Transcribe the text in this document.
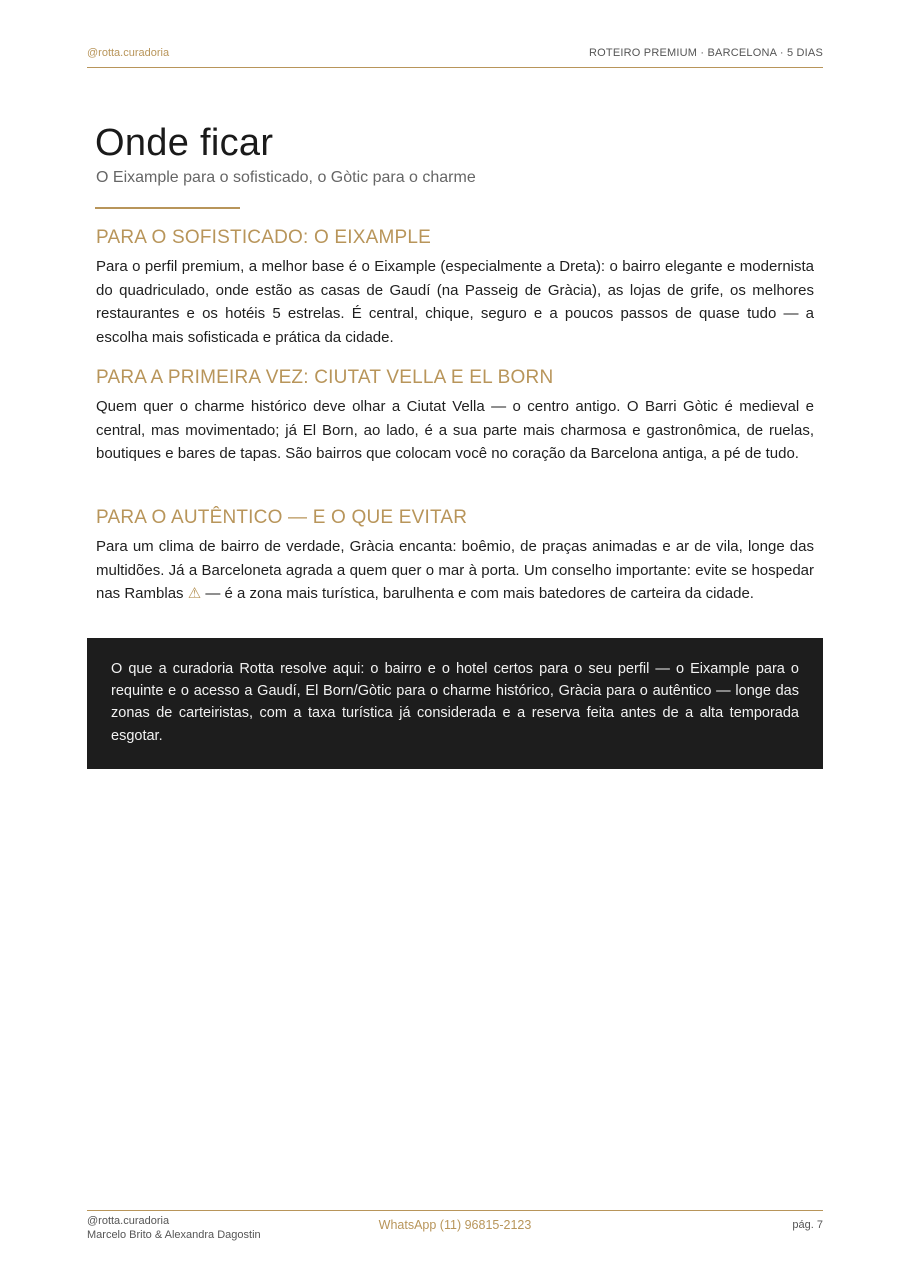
@rotta.curadoria	ROTEIRO PREMIUM · BARCELONA · 5 DIAS
Onde ficar

O Eixample para o sofisticado, o Gòtic para o charme

PARA O SOFISTICADO: O EIXAMPLE

Para o perfil premium, a melhor base é o Eixample (especialmente a Dreta): o bairro elegante e modernista do quadriculado, onde estão as casas de Gaudí (na Passeig de Gràcia), as lojas de grife, os melhores restaurantes e os hotéis 5 estrelas. É central, chique, seguro e a poucos passos de quase tudo — a escolha mais sofisticada e prática da cidade.

PARA A PRIMEIRA VEZ: CIUTAT VELLA E EL BORN

Quem quer o charme histórico deve olhar a Ciutat Vella — o centro antigo. O Barri Gòtic é medieval e central, mas movimentado; já El Born, ao lado, é a sua parte mais charmosa e gastronômica, de ruelas, boutiques e bares de tapas. São bairros que colocam você no coração da Barcelona antiga, a pé de tudo.

PARA O AUTÊNTICO — E O QUE EVITAR

Para um clima de bairro de verdade, Gràcia encanta: boêmio, de praças animadas e ar de vila, longe das multidões. Já a Barceloneta agrada a quem quer o mar à porta. Um conselho importante: evite se hospedar nas Ramblas ⚠ — é a zona mais turística, barulhenta e com mais batedores de carteira da cidade.

O que a curadoria Rotta resolve aqui: o bairro e o hotel certos para o seu perfil — o Eixample para o requinte e o acesso a Gaudí, El Born/Gòtic para o charme histórico, Gràcia para o autêntico — longe das zonas de carteiristas, com a taxa turística já considerada e a reserva feita antes de a alta temporada esgotar.

@rotta.curadoria
Marcelo Brito & Alexandra Dagostin
WhatsApp (11) 96815-2123	pág. 7
